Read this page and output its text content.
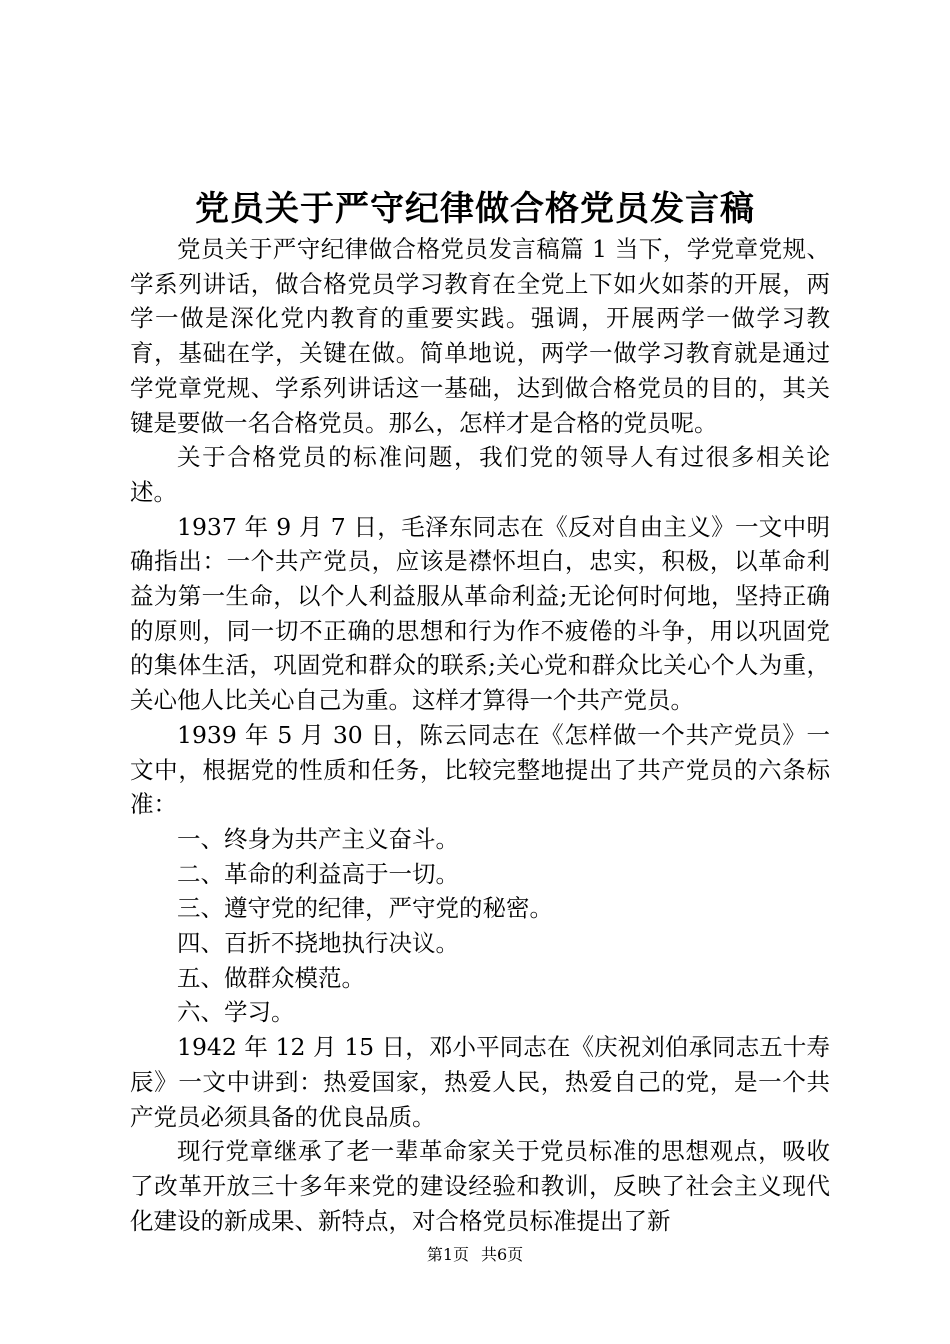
党员关于严守纪律做合格党员发言稿

党员关于严守纪律做合格党员发言稿篇 1 当下，学党章党规、学系列讲话，做合格党员学习教育在全党上下如火如荼的开展，两学一做是深化党内教育的重要实践。强调，开展两学一做学习教育，基础在学，关键在做。简单地说，两学一做学习教育就是通过学党章党规、学系列讲话这一基础，达到做合格党员的目的，其关键是要做一名合格党员。那么，怎样才是合格的党员呢。

关于合格党员的标准问题，我们党的领导人有过很多相关论述。

1937 年 9 月 7 日，毛泽东同志在《反对自由主义》一文中明确指出：一个共产党员，应该是襟怀坦白，忠实，积极，以革命利益为第一生命，以个人利益服从革命利益;无论何时何地，坚持正确的原则，同一切不正确的思想和行为作不疲倦的斗争，用以巩固党的集体生活，巩固党和群众的联系;关心党和群众比关心个人为重，关心他人比关心自己为重。这样才算得一个共产党员。

1939 年 5 月 30 日，陈云同志在《怎样做一个共产党员》一文中，根据党的性质和任务，比较完整地提出了共产党员的六条标准：

一、终身为共产主义奋斗。

二、革命的利益高于一切。

三、遵守党的纪律，严守党的秘密。

四、百折不挠地执行决议。

五、做群众模范。

六、学习。

1942 年 12 月 15 日，邓小平同志在《庆祝刘伯承同志五十寿辰》一文中讲到：热爱国家，热爱人民，热爱自己的党，是一个共产党员必须具备的优良品质。

现行党章继承了老一辈革命家关于党员标准的思想观点，吸收了改革开放三十多年来党的建设经验和教训，反映了社会主义现代化建设的新成果、新特点，对合格党员标准提出了新

第1页 共6页
